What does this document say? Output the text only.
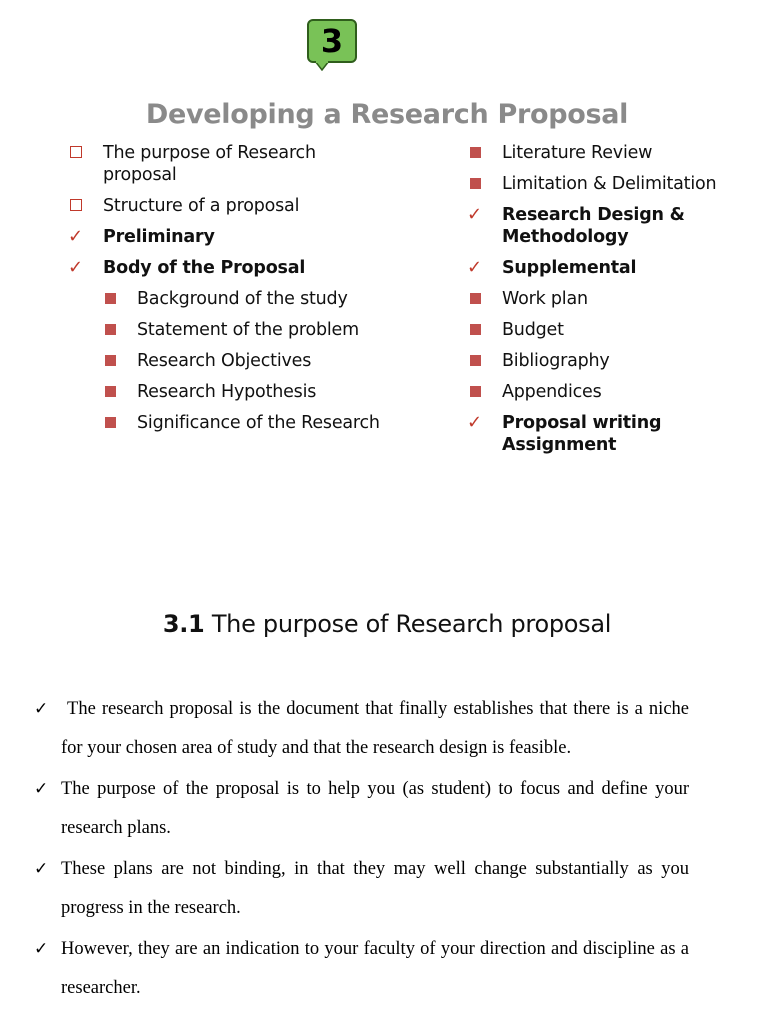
3
Developing a Research Proposal
The purpose of Research proposal
Structure of a proposal
✓ Preliminary
✓ Body of the Proposal
Background of the study
Statement of the problem
Research Objectives
Research Hypothesis
Significance of the Research
Literature Review
Limitation & Delimitation
✓ Research Design & Methodology
✓ Supplemental
Work plan
Budget
Bibliography
Appendices
✓ Proposal writing Assignment
3.1 The purpose of Research proposal
✓ The research proposal is the document that finally establishes that there is a niche for your chosen area of study and that the research design is feasible.
✓ The purpose of the proposal is to help you (as student) to focus and define your research plans.
✓ These plans are not binding, in that they may well change substantially as you progress in the research.
✓ However, they are an indication to your faculty of your direction and discipline as a researcher.
